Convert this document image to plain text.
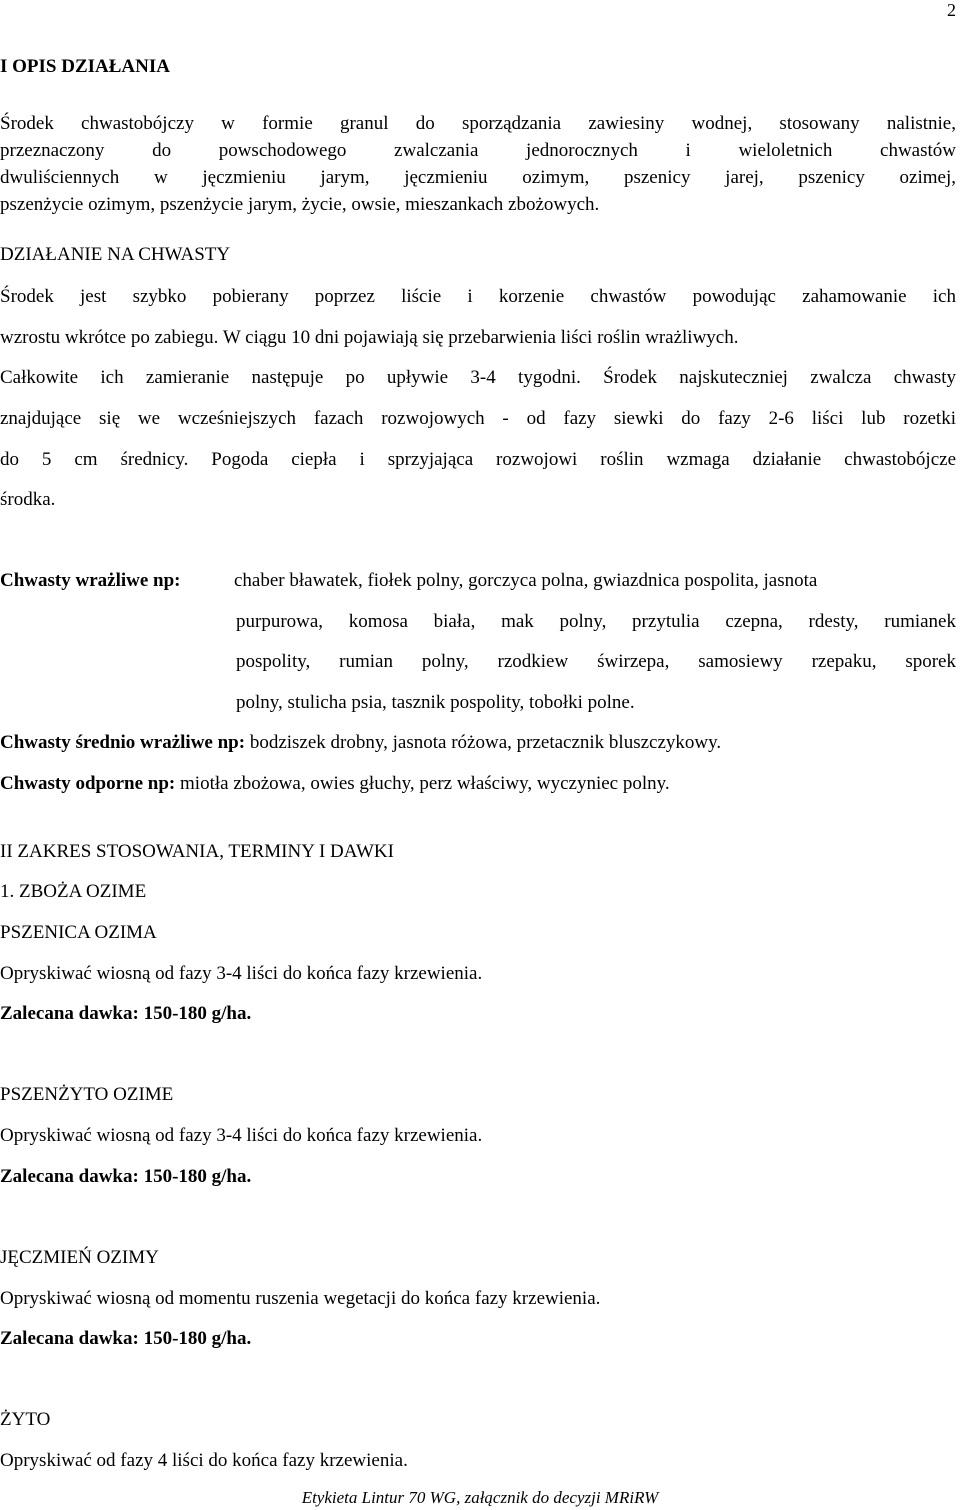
2
I OPIS DZIAŁANIA
Środek chwastobójczy w formie granul do sporządzania zawiesiny wodnej, stosowany nalistnie,
przeznaczony do powschodowego zwalczania jednorocznych i wieloletnich chwastów
dwuliściennych w jęczmieniu jarym, jęczmieniu ozimym, pszenicy jarej, pszenicy ozimej,
pszenżycie ozimym, pszenżycie jarym, życie, owsie, mieszankach zbożowych.
DZIAŁANIE NA CHWASTY
Środek jest szybko pobierany poprzez liście i korzenie chwastów powodując zahamowanie ich
wzrostu wkrótce po zabiegu. W ciągu 10 dni pojawiają się przebarwienia liści roślin wrażliwych.
Całkowite ich zamieranie następuje po upływie 3-4 tygodni. Środek najskuteczniej zwalcza chwasty
znajdujące się we wcześniejszych fazach rozwojowych - od fazy siewki do fazy 2-6 liści lub rozetki
do 5 cm średnicy. Pogoda ciepła i sprzyjająca rozwojowi roślin wzmaga działanie chwastobójcze
środka.
Chwasty wrażliwe np:	chaber bławatek, fiołek polny, gorczyca polna, gwiazdnica pospolita, jasnota
purpurowa, komosa biała, mak polny, przytulia czepna, rdesty, rumianek
pospolity, rumian polny, rzodkiew świrzepa, samosiewy rzepaku, sporek
polny, stulicha psia, tasznik pospolity, tobołki polne.
Chwasty średnio wrażliwe np: bodziszek drobny, jasnota różowa, przetacznik bluszczykowy.
Chwasty odporne np: miotła zbożowa, owies głuchy, perz właściwy, wyczyniec polny.
II ZAKRES STOSOWANIA, TERMINY I DAWKI
1. ZBOŻA OZIME
PSZENICA OZIMA
Opryskiwać wiosną od fazy 3-4 liści do końca fazy krzewienia.
Zalecana dawka: 150-180 g/ha.
PSZENŻYTO OZIME
Opryskiwać wiosną od fazy 3-4 liści do końca fazy krzewienia.
Zalecana dawka: 150-180 g/ha.
JĘCZMIEŃ OZIMY
Opryskiwać wiosną od momentu ruszenia wegetacji do końca fazy krzewienia.
Zalecana dawka: 150-180 g/ha.
ŻYTO
Opryskiwać od fazy 4 liści do końca fazy krzewienia.
Etykieta Lintur 70 WG, załącznik do decyzji MRiRW
